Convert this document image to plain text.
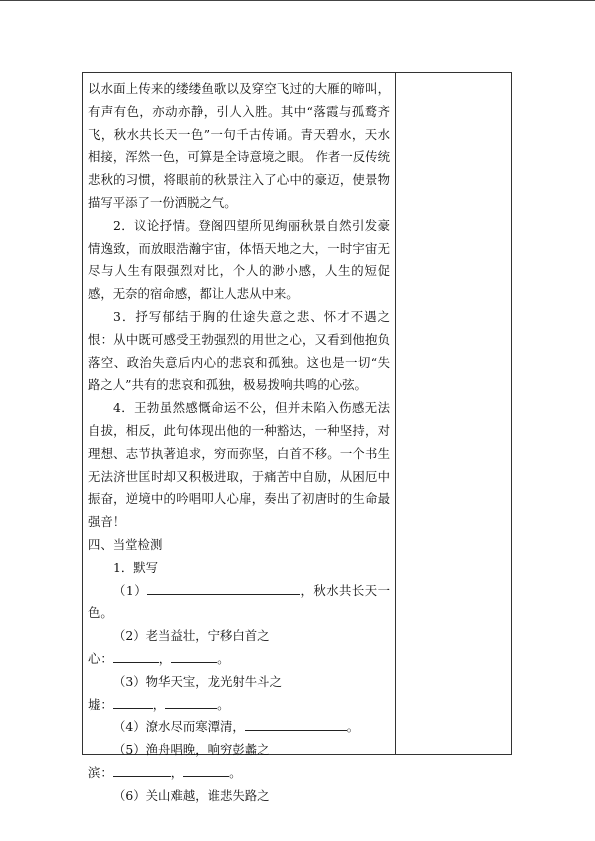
以水面上传来的缕缕鱼歌以及穿空飞过的大雁的啼叫，有声有色，亦动亦静，引人入胜。其中“落霞与孤鹜齐飞，秋水共长天一色”一句千古传诵。青天碧水，天水相接，浑然一色，可算是全诗意境之眼。 作者一反传统悲秋的习惯，将眼前的秋景注入了心中的豪迈，使景物描写平添了一份洒脱之气。

2．议论抒情。登阁四望所见绚丽秋景自然引发豪情逸致，而放眼浩瀚宇宙，体悟天地之大，一时宇宙无尽与人生有限强烈对比，个人的渺小感，人生的短促感，无奈的宿命感，都让人悲从中来。

3．抒写郁结于胸的仕途失意之悲、怀才不遇之恨：从中既可感受王勃强烈的用世之心，又看到他抱负落空、政治失意后内心的悲哀和孤独。这也是一切“失路之人”共有的悲哀和孤独，极易拨响共鸣的心弦。

4．王勃虽然感慨命运不公，但并未陷入伤感无法自拔，相反，此句体现出他的一种豁达，一种坚持，对理想、志节执著追求，穷而弥坚，白首不移。一个书生无法济世匡时却又积极进取，于痛苦中自励，从困厄中振奋，逆境中的吟唱叩人心扉，奏出了初唐时的生命最强音！

四、当堂检测

1．默写

（1）	，秋水共长天一色。

（2）老当益壮，宁移白首之

心：	，	。

（3）物华天宝，龙光射牛斗之

墟：	，	。

（4）潦水尽而寒潭清，	。

（5）渔舟唱晚，响穷彭蠡之

滨：	，	。

（6）关山难越，谁悲失路之
